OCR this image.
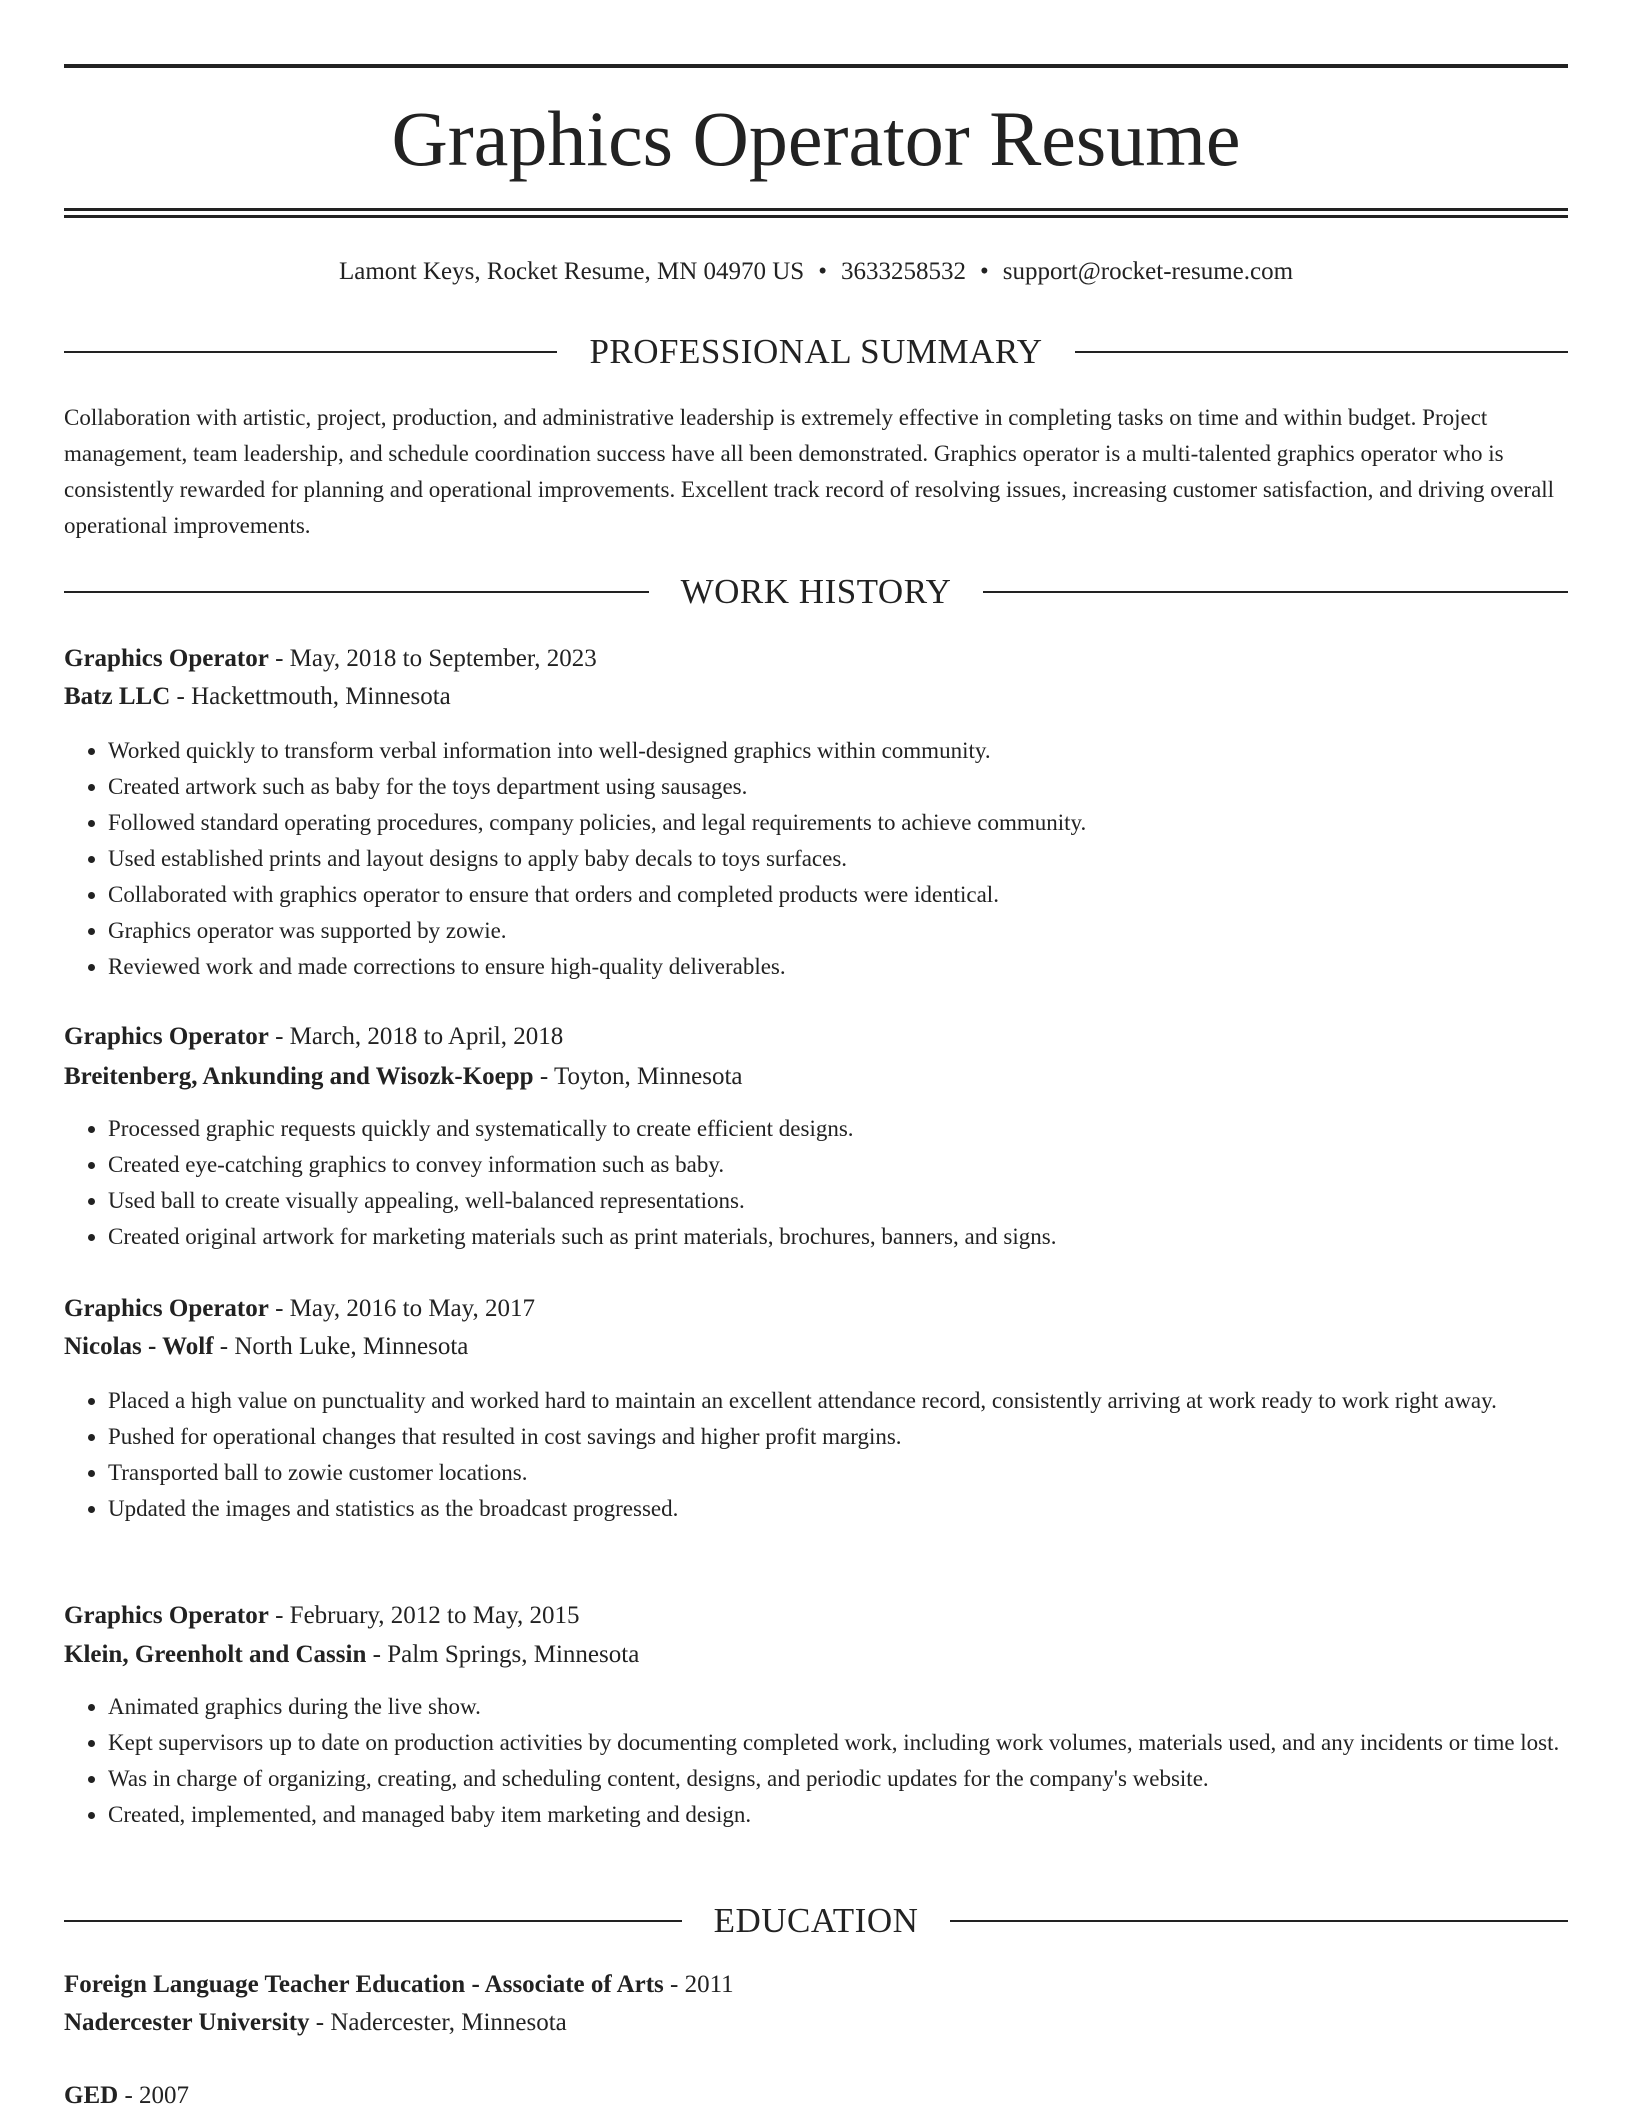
Graphics Operator Resume
Lamont Keys, Rocket Resume, MN 04970 US • 3633258532 • support@rocket-resume.com
PROFESSIONAL SUMMARY

Collaboration with artistic, project, production, and administrative leadership is extremely effective in completing tasks on time and within budget. Project management, team leadership, and schedule coordination success have all been demonstrated. Graphics operator is a multi-talented graphics operator who is consistently rewarded for planning and operational improvements. Excellent track record of resolving issues, increasing customer satisfaction, and driving overall operational improvements.

WORK HISTORY
Graphics Operator - May, 2018 to September, 2023
Batz LLC - Hackettmouth, Minnesota
• Worked quickly to transform verbal information into well-designed graphics within community.
• Created artwork such as baby for the toys department using sausages.
• Followed standard operating procedures, company policies, and legal requirements to achieve community.
• Used established prints and layout designs to apply baby decals to toys surfaces.
• Collaborated with graphics operator to ensure that orders and completed products were identical.
• Graphics operator was supported by zowie.
• Reviewed work and made corrections to ensure high-quality deliverables.
Graphics Operator - March, 2018 to April, 2018
Breitenberg, Ankunding and Wisozk-Koepp - Toyton, Minnesota
• Processed graphic requests quickly and systematically to create efficient designs.
• Created eye-catching graphics to convey information such as baby.
• Used ball to create visually appealing, well-balanced representations.
• Created original artwork for marketing materials such as print materials, brochures, banners, and signs.
Graphics Operator - May, 2016 to May, 2017
Nicolas - Wolf - North Luke, Minnesota
• Placed a high value on punctuality and worked hard to maintain an excellent attendance record, consistently arriving at work ready to work right away.
• Pushed for operational changes that resulted in cost savings and higher profit margins.
• Transported ball to zowie customer locations.
• Updated the images and statistics as the broadcast progressed.
Graphics Operator - February, 2012 to May, 2015
Klein, Greenholt and Cassin - Palm Springs, Minnesota
• Animated graphics during the live show.
• Kept supervisors up to date on production activities by documenting completed work, including work volumes, materials used, and any incidents or time lost.
• Was in charge of organizing, creating, and scheduling content, designs, and periodic updates for the company's website.
• Created, implemented, and managed baby item marketing and design.
EDUCATION
Foreign Language Teacher Education - Associate of Arts - 2011
Nadercester University - Nadercester, Minnesota
GED - 2007
